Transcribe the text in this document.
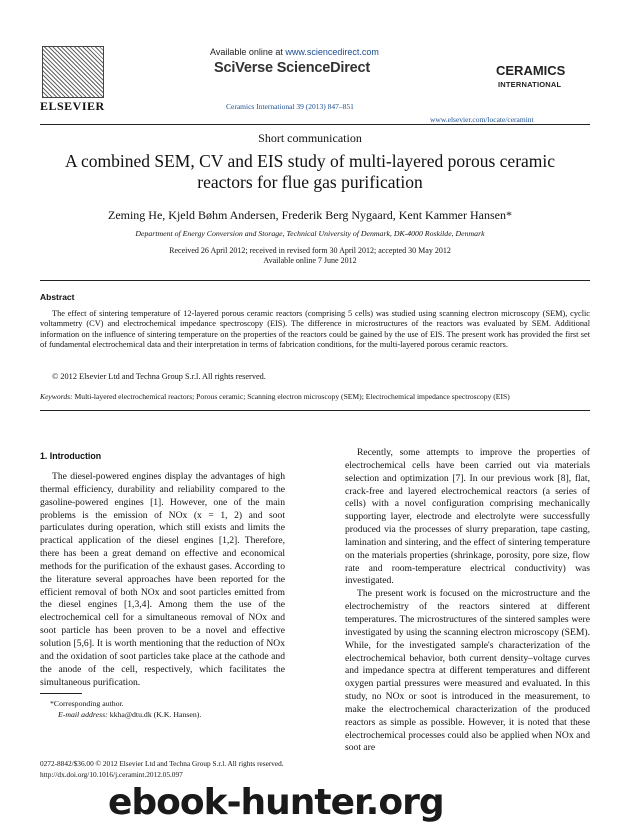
ELSEVIER
Available online at www.sciencedirect.com
SciVerse ScienceDirect
Ceramics International 39 (2013) 847–851
CERAMICS
INTERNATIONAL
www.elsevier.com/locate/ceramint
Short communication
A combined SEM, CV and EIS study of multi-layered porous ceramic
reactors for flue gas purification
Zeming He, Kjeld Bøhm Andersen, Frederik Berg Nygaard, Kent Kammer Hansen*
Department of Energy Conversion and Storage, Technical University of Denmark, DK-4000 Roskilde, Denmark
Received 26 April 2012; received in revised form 30 April 2012; accepted 30 May 2012
Available online 7 June 2012
Abstract
The effect of sintering temperature of 12-layered porous ceramic reactors (comprising 5 cells) was studied using scanning electron microscopy (SEM), cyclic voltammetry (CV) and electrochemical impedance spectroscopy (EIS). The difference in microstructures of the reactors was evaluated by SEM. Additional information on the influence of sintering temperature on the properties of the reactors could be gained by the use of EIS. The present work has provided the first set of fundamental electrochemical data and their interpretation in terms of fabrication conditions, for the multi-layered porous ceramic reactors.
© 2012 Elsevier Ltd and Techna Group S.r.l. All rights reserved.
Keywords: Multi-layered electrochemical reactors; Porous ceramic; Scanning electron microscopy (SEM); Electrochemical impedance spectroscopy (EIS)
1. Introduction

The diesel-powered engines display the advantages of high thermal efficiency, durability and reliability compared to the gasoline-powered engines [1]. However, one of the main problems is the emission of NOx (x = 1, 2) and soot particulates during operation, which still exists and limits the practical application of the diesel engines [1,2]. Therefore, there has been a great demand on effective and economical methods for the purification of the exhaust gases. According to the literature several approaches have been reported for the efficient removal of both NOx and soot particles emitted from the diesel engines [1,3,4]. Among them the use of the electrochemical cell for a simultaneous removal of NOx and soot particle has been proven to be a novel and effective solution [5,6]. It is worth mentioning that the reduction of NOx and the oxidation of soot particles take place at the cathode and the anode of the cell, respectively, which facilitates the simultaneous purification.

Recently, some attempts to improve the properties of electrochemical cells have been carried out via materials selection and optimization [7]. In our previous work [8], flat, crack-free and layered electrochemical reactors (a series of cells) with a novel configuration comprising mechanically supporting layer, electrode and electrolyte were successfully produced via the processes of slurry preparation, tape casting, lamination and sintering, and the effect of sintering temperature on the materials properties (shrinkage, porosity, pore size, flow rate and room-temperature electrical conductivity) was investigated.

The present work is focused on the microstructure and the electrochemistry of the reactors sintered at different temperatures. The microstructures of the sintered samples were investigated by using the scanning electron microscopy (SEM). While, for the investigated sample's characterization of the electrochemical behavior, both current density–voltage curves and impedance spectra at different temperatures and different oxygen partial pressures were measured and evaluated. In this study, no NOx or soot is introduced in the measurement, to make the electrochemical characterization of the produced reactors as simple as possible. However, it is noted that these electrochemical processes could also be applied when NOx and soot are

*Corresponding author.
E-mail address: kkha@dtu.dk (K.K. Hansen).
0272-8842/$36.00 © 2012 Elsevier Ltd and Techna Group S.r.l. All rights reserved.
http://dx.doi.org/10.1016/j.ceramint.2012.05.097
ebook-hunter.org
